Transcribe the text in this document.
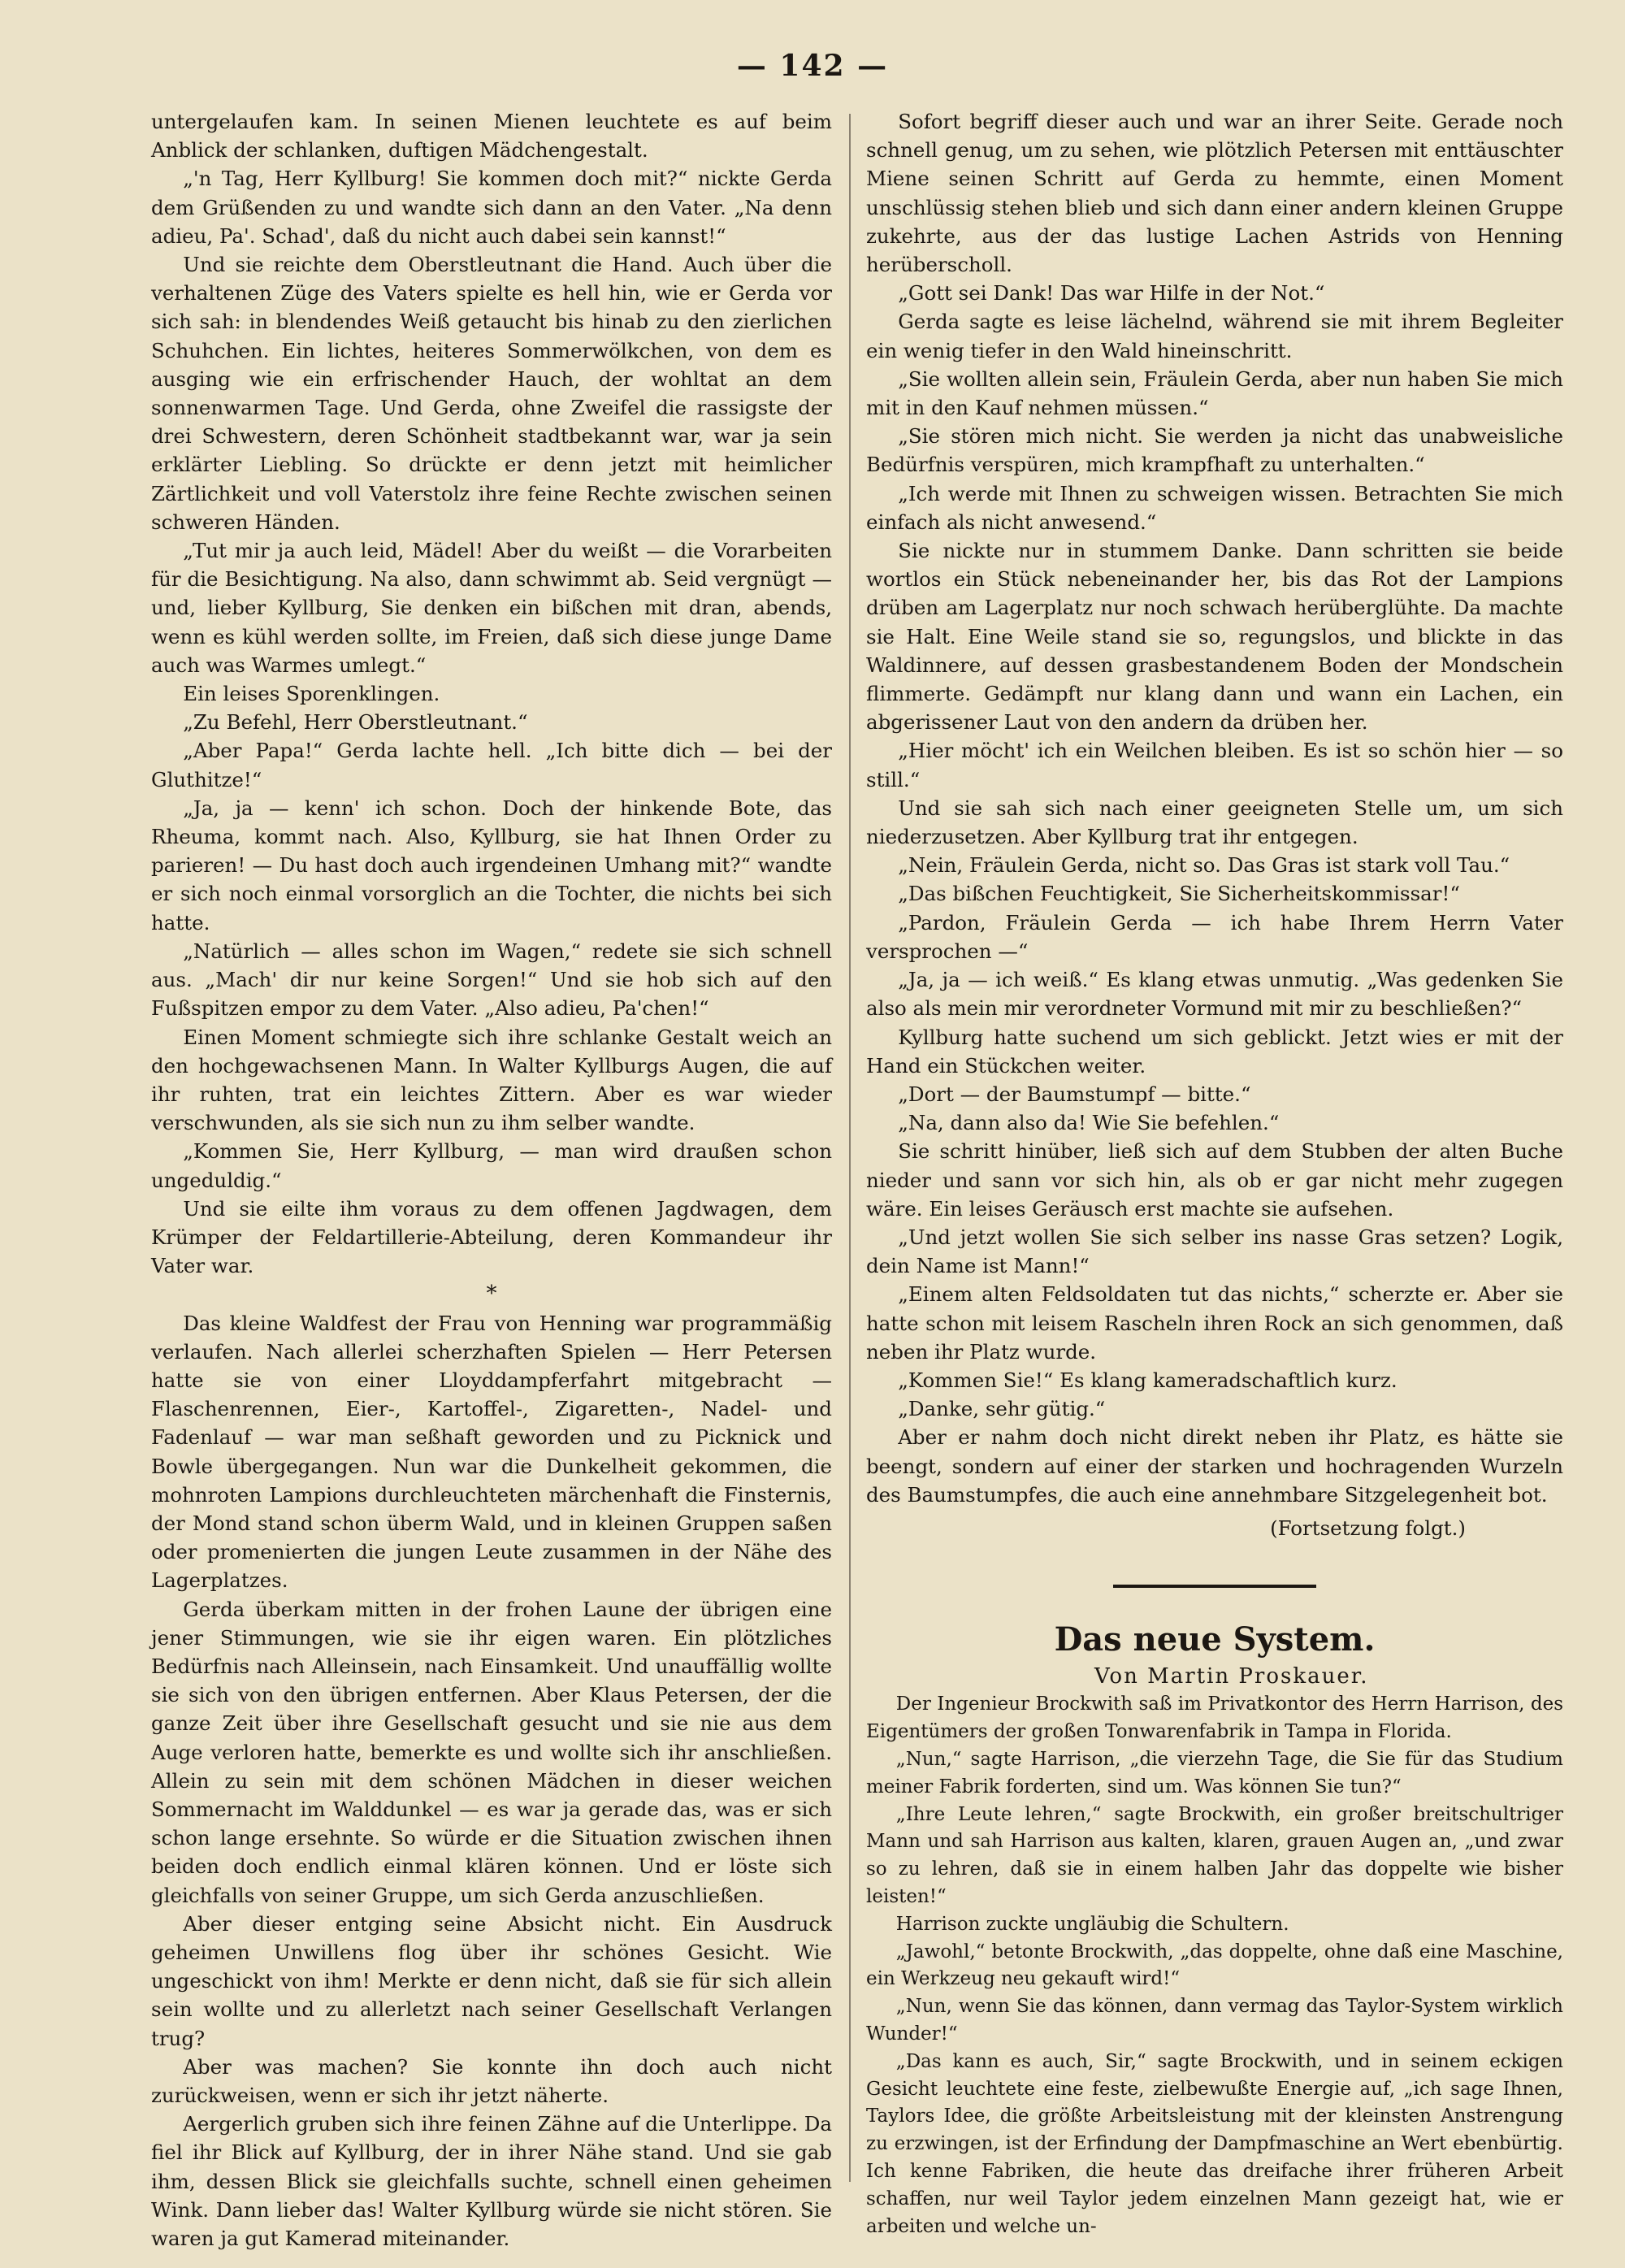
— 142 —

untergelaufen kam. In seinen Mienen leuchtete es auf beim Anblick der schlanken, duftigen Mädchengestalt.

„'n Tag, Herr Kyllburg! Sie kommen doch mit?“ nickte Gerda dem Grüßenden zu und wandte sich dann an den Vater. „Na denn adieu, Pa'. Schad', daß du nicht auch dabei sein kannst!“

Und sie reichte dem Oberstleutnant die Hand. Auch über die verhaltenen Züge des Vaters spielte es hell hin, wie er Gerda vor sich sah: in blendendes Weiß getaucht bis hinab zu den zierlichen Schuhchen. Ein lichtes, heiteres Sommerwölkchen, von dem es ausging wie ein erfrischender Hauch, der wohltat an dem sonnenwarmen Tage. Und Gerda, ohne Zweifel die rassigste der drei Schwestern, deren Schönheit stadtbekannt war, war ja sein erklärter Liebling. So drückte er denn jetzt mit heimlicher Zärtlichkeit und voll Vaterstolz ihre feine Rechte zwischen seinen schweren Händen.

„Tut mir ja auch leid, Mädel! Aber du weißt — die Vorarbeiten für die Besichtigung. Na also, dann schwimmt ab. Seid vergnügt — und, lieber Kyllburg, Sie denken ein bißchen mit dran, abends, wenn es kühl werden sollte, im Freien, daß sich diese junge Dame auch was Warmes umlegt.“

Ein leises Sporenklingen.

„Zu Befehl, Herr Oberstleutnant.“

„Aber Papa!“ Gerda lachte hell. „Ich bitte dich — bei der Gluthitze!“

„Ja, ja — kenn' ich schon. Doch der hinkende Bote, das Rheuma, kommt nach. Also, Kyllburg, sie hat Ihnen Order zu parieren! — Du hast doch auch irgendeinen Umhang mit?“ wandte er sich noch einmal vorsorglich an die Tochter, die nichts bei sich hatte.

„Natürlich — alles schon im Wagen,“ redete sie sich schnell aus. „Mach' dir nur keine Sorgen!“ Und sie hob sich auf den Fußspitzen empor zu dem Vater. „Also adieu, Pa'chen!“

Einen Moment schmiegte sich ihre schlanke Gestalt weich an den hochgewachsenen Mann. In Walter Kyllburgs Augen, die auf ihr ruhten, trat ein leichtes Zittern. Aber es war wieder verschwunden, als sie sich nun zu ihm selber wandte.

„Kommen Sie, Herr Kyllburg, — man wird draußen schon ungeduldig.“

Und sie eilte ihm voraus zu dem offenen Jagdwagen, dem Krümper der Feldartillerie-Abteilung, deren Kommandeur ihr Vater war.

*

Das kleine Waldfest der Frau von Henning war programmäßig verlaufen. Nach allerlei scherzhaften Spielen — Herr Petersen hatte sie von einer Lloyddampferfahrt mitgebracht — Flaschenrennen, Eier-, Kartoffel-, Zigaretten-, Nadel- und Fadenlauf — war man seßhaft geworden und zu Picknick und Bowle übergegangen. Nun war die Dunkelheit gekommen, die mohnroten Lampions durchleuchteten märchenhaft die Finsternis, der Mond stand schon überm Wald, und in kleinen Gruppen saßen oder promenierten die jungen Leute zusammen in der Nähe des Lagerplatzes.

Gerda überkam mitten in der frohen Laune der übrigen eine jener Stimmungen, wie sie ihr eigen waren. Ein plötzliches Bedürfnis nach Alleinsein, nach Einsamkeit. Und unauffällig wollte sie sich von den übrigen entfernen. Aber Klaus Petersen, der die ganze Zeit über ihre Gesellschaft gesucht und sie nie aus dem Auge verloren hatte, bemerkte es und wollte sich ihr anschließen. Allein zu sein mit dem schönen Mädchen in dieser weichen Sommernacht im Walddunkel — es war ja gerade das, was er sich schon lange ersehnte. So würde er die Situation zwischen ihnen beiden doch endlich einmal klären können. Und er löste sich gleichfalls von seiner Gruppe, um sich Gerda anzuschließen.

Aber dieser entging seine Absicht nicht. Ein Ausdruck geheimen Unwillens flog über ihr schönes Gesicht. Wie ungeschickt von ihm! Merkte er denn nicht, daß sie für sich allein sein wollte und zu allerletzt nach seiner Gesellschaft Verlangen trug?

Aber was machen? Sie konnte ihn doch auch nicht zurückweisen, wenn er sich ihr jetzt näherte.

Aergerlich gruben sich ihre feinen Zähne auf die Unterlippe. Da fiel ihr Blick auf Kyllburg, der in ihrer Nähe stand. Und sie gab ihm, dessen Blick sie gleichfalls suchte, schnell einen geheimen Wink. Dann lieber das! Walter Kyllburg würde sie nicht stören. Sie waren ja gut Kamerad miteinander.

Sofort begriff dieser auch und war an ihrer Seite. Gerade noch schnell genug, um zu sehen, wie plötzlich Petersen mit enttäuschter Miene seinen Schritt auf Gerda zu hemmte, einen Moment unschlüssig stehen blieb und sich dann einer andern kleinen Gruppe zukehrte, aus der das lustige Lachen Astrids von Henning herüberscholl.

„Gott sei Dank! Das war Hilfe in der Not.“

Gerda sagte es leise lächelnd, während sie mit ihrem Begleiter ein wenig tiefer in den Wald hineinschritt.

„Sie wollten allein sein, Fräulein Gerda, aber nun haben Sie mich mit in den Kauf nehmen müssen.“

„Sie stören mich nicht. Sie werden ja nicht das unabweisliche Bedürfnis verspüren, mich krampfhaft zu unterhalten.“

„Ich werde mit Ihnen zu schweigen wissen. Betrachten Sie mich einfach als nicht anwesend.“

Sie nickte nur in stummem Danke. Dann schritten sie beide wortlos ein Stück nebeneinander her, bis das Rot der Lampions drüben am Lagerplatz nur noch schwach herüberglühte. Da machte sie Halt. Eine Weile stand sie so, regungslos, und blickte in das Waldinnere, auf dessen grasbestandenem Boden der Mondschein flimmerte. Gedämpft nur klang dann und wann ein Lachen, ein abgerissener Laut von den andern da drüben her.

„Hier möcht' ich ein Weilchen bleiben. Es ist so schön hier — so still.“

Und sie sah sich nach einer geeigneten Stelle um, um sich niederzusetzen. Aber Kyllburg trat ihr entgegen.

„Nein, Fräulein Gerda, nicht so. Das Gras ist stark voll Tau.“

„Das bißchen Feuchtigkeit, Sie Sicherheitskommissar!“

„Pardon, Fräulein Gerda — ich habe Ihrem Herrn Vater versprochen —“

„Ja, ja — ich weiß.“ Es klang etwas unmutig. „Was gedenken Sie also als mein mir verordneter Vormund mit mir zu beschließen?“

Kyllburg hatte suchend um sich geblickt. Jetzt wies er mit der Hand ein Stückchen weiter.

„Dort — der Baumstumpf — bitte.“

„Na, dann also da! Wie Sie befehlen.“

Sie schritt hinüber, ließ sich auf dem Stubben der alten Buche nieder und sann vor sich hin, als ob er gar nicht mehr zugegen wäre. Ein leises Geräusch erst machte sie aufsehen.

„Und jetzt wollen Sie sich selber ins nasse Gras setzen? Logik, dein Name ist Mann!“

„Einem alten Feldsoldaten tut das nichts,“ scherzte er. Aber sie hatte schon mit leisem Rascheln ihren Rock an sich genommen, daß neben ihr Platz wurde.

„Kommen Sie!“ Es klang kameradschaftlich kurz.

„Danke, sehr gütig.“

Aber er nahm doch nicht direkt neben ihr Platz, es hätte sie beengt, sondern auf einer der starken und hochragenden Wurzeln des Baumstumpfes, die auch eine annehmbare Sitzgelegenheit bot.

(Fortsetzung folgt.)

Das neue System.

Von Martin Proskauer.

Der Ingenieur Brockwith saß im Privatkontor des Herrn Harrison, des Eigentümers der großen Tonwarenfabrik in Tampa in Florida.

„Nun,“ sagte Harrison, „die vierzehn Tage, die Sie für das Studium meiner Fabrik forderten, sind um. Was können Sie tun?“

„Ihre Leute lehren,“ sagte Brockwith, ein großer breitschultriger Mann und sah Harrison aus kalten, klaren, grauen Augen an, „und zwar so zu lehren, daß sie in einem halben Jahr das doppelte wie bisher leisten!“

Harrison zuckte ungläubig die Schultern.

„Jawohl,“ betonte Brockwith, „das doppelte, ohne daß eine Maschine, ein Werkzeug neu gekauft wird!“

„Nun, wenn Sie das können, dann vermag das Taylor-System wirklich Wunder!“

„Das kann es auch, Sir,“ sagte Brockwith, und in seinem eckigen Gesicht leuchtete eine feste, zielbewußte Energie auf, „ich sage Ihnen, Taylors Idee, die größte Arbeitsleistung mit der kleinsten Anstrengung zu erzwingen, ist der Erfindung der Dampfmaschine an Wert ebenbürtig. Ich kenne Fabriken, die heute das dreifache ihrer früheren Arbeit schaffen, nur weil Taylor jedem einzelnen Mann gezeigt hat, wie er arbeiten und welche un-
